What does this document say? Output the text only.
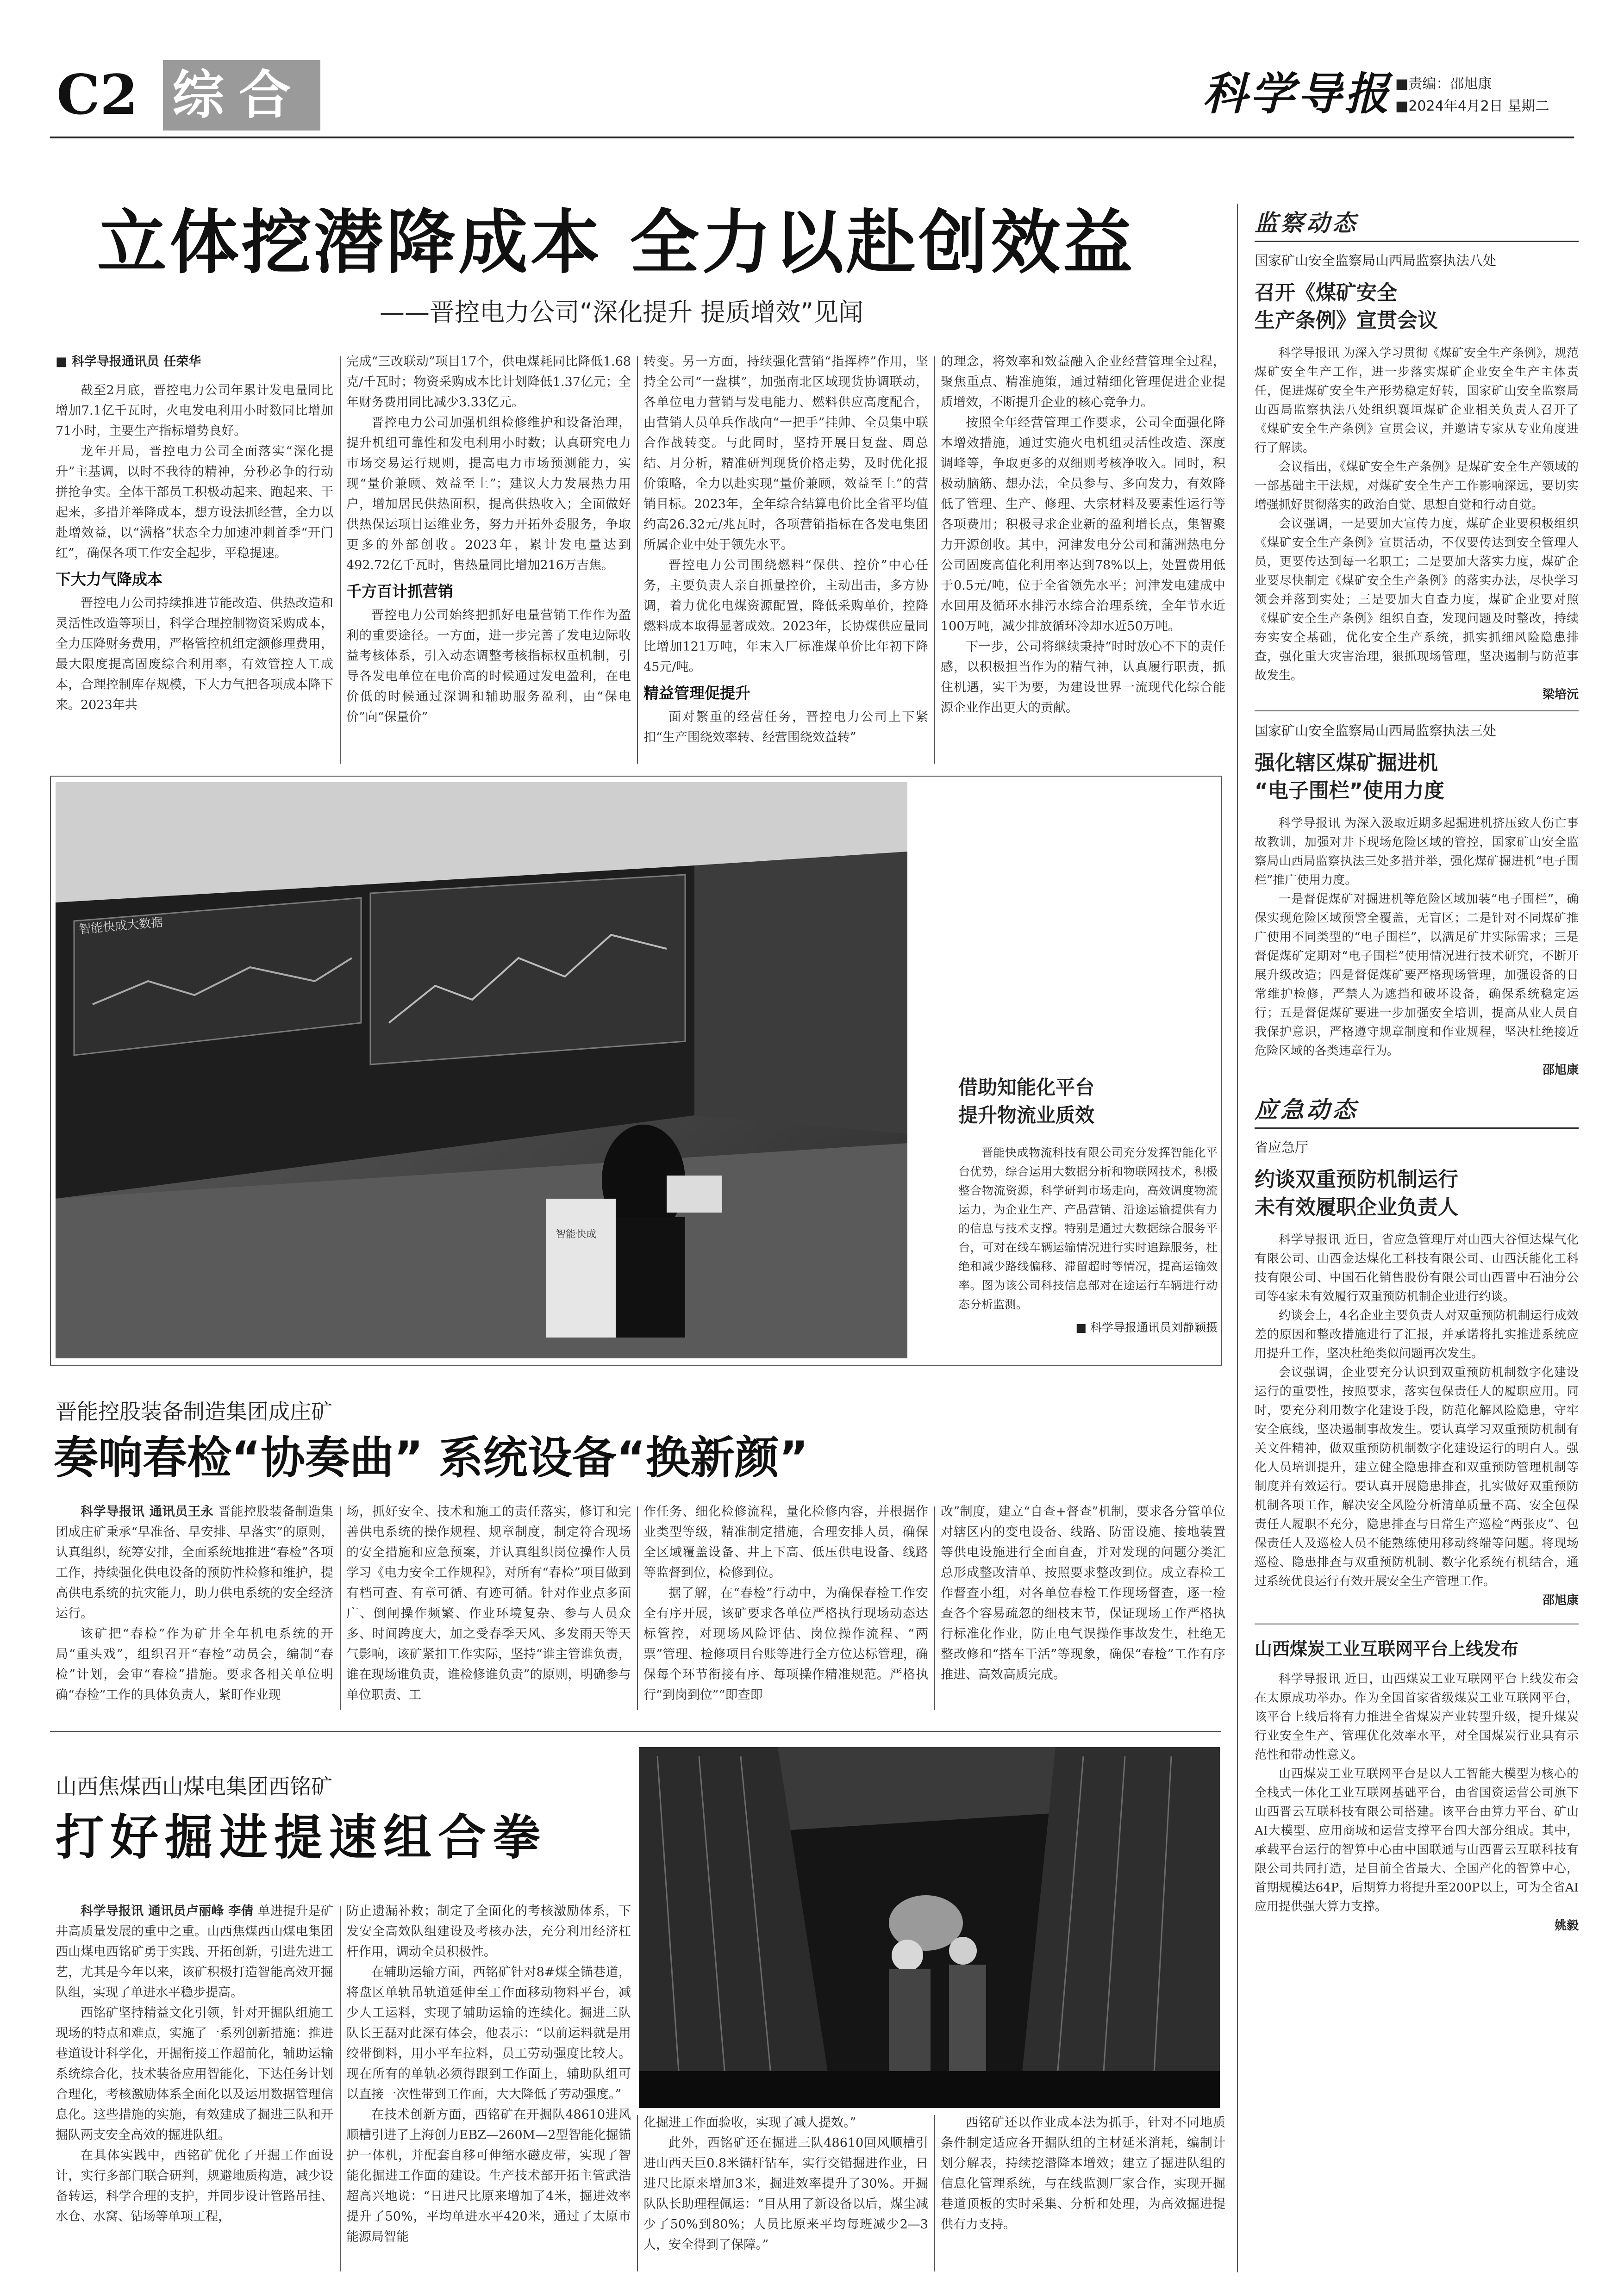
C2 综合	科学导报 ■责编：邵旭康
■2024年4月2日 星期二
立体挖潜降成本 全力以赴创效益
——晋控电力公司“深化提升 提质增效”见闻
■ 科学导报通讯员 任荣华

截至2月底，晋控电力公司年累计发电量同比增加7.1亿千瓦时，火电发电利用小时数同比增加71小时，主要生产指标增势良好。

龙年开局，晋控电力公司全面落实“深化提升”主基调，以时不我待的精神，分秒必争的行动拼抢争实。全体干部员工积极动起来、跑起来、干起来，多措并举降成本，想方设法抓经营，全力以赴增效益，以“满格”状态全力加速冲刺首季“开门红”，确保各项工作安全起步，平稳提速。

下大力气降成本

晋控电力公司持续推进节能改造、供热改造和灵活性改造等项目，科学合理控制物资采购成本，全力压降财务费用，严格管控机组定额修理费用，最大限度提高固废综合利用率，有效管控人工成本，合理控制库存规模，下大力气把各项成本降下来。2023年共

完成“三改联动”项目17个，供电煤耗同比降低1.68克/千瓦时；物资采购成本比计划降低1.37亿元；全年财务费用同比减少3.33亿元。

晋控电力公司加强机组检修维护和设备治理，提升机组可靠性和发电利用小时数；认真研究电力市场交易运行规则，提高电力市场预测能力，实现“量价兼顾、效益至上”；建议大力发展热力用户，增加居民供热面积，提高供热收入；全面做好供热保运项目运维业务，努力开拓外委服务，争取更多的外部创收。2023年，累计发电量达到492.72亿千瓦时，售热量同比增加216万吉焦。

千方百计抓营销

晋控电力公司始终把抓好电量营销工作作为盈利的重要途径。一方面，进一步完善了发电边际收益考核体系，引入动态调整考核指标权重机制，引导各发电单位在电价高的时候通过发电盈利，在电价低的时候通过深调和辅助服务盈利，由“保电价”向“保量价”

转变。另一方面，持续强化营销“指挥棒”作用，坚持全公司“一盘棋”，加强南北区域现货协调联动，各单位电力营销与发电能力、燃料供应高度配合，由营销人员单兵作战向“一把手”挂帅、全员集中联合作战转变。与此同时，坚持开展日复盘、周总结、月分析，精准研判现货价格走势，及时优化报价策略，全力以赴实现“量价兼顾，效益至上”的营销目标。2023年，全年综合结算电价比全省平均值约高26.32元/兆瓦时，各项营销指标在各发电集团所属企业中处于领先水平。

晋控电力公司围绕燃料“保供、控价”中心任务，主要负责人亲自抓量控价，主动出击，多方协调，着力优化电煤资源配置，降低采购单价，控降燃料成本取得显著成效。2023年，长协煤供应量同比增加121万吨，年末入厂标准煤单价比年初下降45元/吨。

精益管理促提升

面对繁重的经营任务，晋控电力公司上下紧扣“生产围绕效率转、经营围绕效益转”

的理念，将效率和效益融入企业经营管理全过程，聚焦重点、精准施策，通过精细化管理促进企业提质增效，不断提升企业的核心竞争力。

按照全年经营管理工作要求，公司全面强化降本增效措施，通过实施火电机组灵活性改造、深度调峰等，争取更多的双细则考核净收入。同时，积极动脑筋、想办法，全员参与、多向发力，有效降低了管理、生产、修理、大宗材料及要素性运行等各项费用；积极寻求企业新的盈利增长点，集智聚力开源创收。其中，河津发电分公司和蒲洲热电分公司固废高值化利用率达到78%以上，处置费用低于0.5元/吨，位于全省领先水平；河津发电建成中水回用及循环水排污水综合治理系统，全年节水近100万吨，减少排放循环冷却水近50万吨。

下一步，公司将继续秉持“时时放心不下的责任感，以积极担当作为的精气神，认真履行职责，抓住机遇，实干为要，为建设世界一流现代化综合能源企业作出更大的贡献。

智能快成大数据
智能快成
借助知能化平台
提升物流业质效

晋能快成物流科技有限公司充分发挥智能化平台优势，综合运用大数据分析和物联网技术，积极整合物流资源，科学研判市场走向，高效调度物流运力，为企业生产、产品营销、沿途运输提供有力的信息与技术支撑。特别是通过大数据综合服务平台，可对在线车辆运输情况进行实时追踪服务，杜绝和减少路线偏移、滞留超时等情况，提高运输效率。图为该公司科技信息部对在途运行车辆进行动态分析监测。

■ 科学导报通讯员刘静颖摄
晋能控股装备制造集团成庄矿
奏响春检“协奏曲” 系统设备“换新颜”

科学导报讯 通讯员王永 晋能控股装备制造集团成庄矿秉承“早准备、早安排、早落实”的原则，认真组织，统筹安排，全面系统地推进“春检”各项工作，持续强化供电设备的预防性检修和维护，提高供电系统的抗灾能力，助力供电系统的安全经济运行。

该矿把“春检”作为矿井全年机电系统的开局“重头戏”，组织召开“春检”动员会，编制“春检”计划，会审“春检”措施。要求各相关单位明确“春检”工作的具体负责人，紧盯作业现

场，抓好安全、技术和施工的责任落实，修订和完善供电系统的操作规程、规章制度，制定符合现场的安全措施和应急预案，并认真组织岗位操作人员学习《电力安全工作规程》，对所有“春检”项目做到有档可查、有章可循、有迹可循。针对作业点多面广、倒闸操作频繁、作业环境复杂、参与人员众多、时间跨度大，加之受春季天风、多发雨天等天气影响，该矿紧扣工作实际，坚持“谁主管谁负责，谁在现场谁负责，谁检修谁负责”的原则，明确参与单位职责、工

作任务、细化检修流程，量化检修内容，并根据作业类型等级，精准制定措施，合理安排人员，确保全区域覆盖设备、井上下高、低压供电设备、线路等监督到位，检修到位。

据了解，在“春检”行动中，为确保春检工作安全有序开展，该矿要求各单位严格执行现场动态达标管控，对现场风险评估、岗位操作流程、“两票”管理、检修项目台账等进行全方位达标管理，确保每个环节衔接有序、每项操作精准规范。严格执行“到岗到位”“即查即

改”制度，建立“自查+督查”机制，要求各分管单位对辖区内的变电设备、线路、防雷设施、接地装置等供电设施进行全面自查，并对发现的问题分类汇总形成整改清单、按照要求整改到位。成立春检工作督查小组，对各单位春检工作现场督查，逐一检查各个容易疏忽的细枝末节，保证现场工作严格执行标准化作业，防止电气误操作事故发生，杜绝无整改修和“搭车干活”等现象，确保“春检”工作有序推进、高效高质完成。

山西焦煤西山煤电集团西铭矿
打好掘进提速组合拳

科学导报讯 通讯员卢丽峰 李倩 单进提升是矿井高质量发展的重中之重。山西焦煤西山煤电集团西山煤电西铭矿勇于实践、开拓创新，引进先进工艺，尤其是今年以来，该矿积极打造智能高效开掘队组，实现了单进水平稳步提高。

西铭矿坚持精益文化引领，针对开掘队组施工现场的特点和难点，实施了一系列创新措施：推进巷道设计科学化，开掘衔接工作超前化，辅助运输系统综合化，技术装备应用智能化，下达任务计划合理化，考核激励体系全面化以及运用数据管理信息化。这些措施的实施，有效建成了掘进三队和开掘队两支安全高效的掘进队组。

在具体实践中，西铭矿优化了开掘工作面设计，实行多部门联合研判，规避地质构造，减少设备转运，科学合理的支护，并同步设计管路吊挂、水仓、水窝、钻场等单项工程，

防止遗漏补救；制定了全面化的考核激励体系，下发安全高效队组建设及考核办法，充分利用经济杠杆作用，调动全员积极性。

在辅助运输方面，西铭矿针对8#煤全锚巷道，将盘区单轨吊轨道延伸至工作面移动物料平台，减少人工运料，实现了辅助运输的连续化。掘进三队队长王磊对此深有体会，他表示：“以前运料就是用绞带倒料，用小平车拉料，员工劳动强度比较大。现在所有的单轨必须得跟到工作面上，辅助队组可以直接一次性带到工作面，大大降低了劳动强度。”

在技术创新方面，西铭矿在开掘队48610进风顺槽引进了上海创力EBZ—260M—2型智能化掘锚护一体机，并配套自移可伸缩水磁皮带，实现了智能化掘进工作面的建设。生产技术部开拓主管武浩超高兴地说：“日进尺比原来增加了4米，掘进效率提升了50%，平均单进水平420米，通过了太原市能源局智能

化掘进工作面验收，实现了减人提效。”

此外，西铭矿还在掘进三队48610回风顺槽引进山西天巨0.8米锚杆钻车，实行交错掘进作业，日进尺比原来增加3米，掘进效率提升了30%。开掘队队长助理程佩运：“目从用了新设备以后，煤尘减少了50%到80%；人员比原来平均每班减少2—3人，安全得到了保障。”

西铭矿还以作业成本法为抓手，针对不同地质条件制定适应各开掘队组的主材延米消耗，编制计划分解表，持续挖潜降本增效；建立了掘进队组的信息化管理系统，与在线监测厂家合作，实现开掘巷道顶板的实时采集、分析和处理，为高效掘进提供有力支持。

监察动态
国家矿山安全监察局山西局监察执法八处
召开《煤矿安全
生产条例》宣贯会议

科学导报讯 为深入学习贯彻《煤矿安全生产条例》，规范煤矿安全生产工作，进一步落实煤矿企业安全生产主体责任，促进煤矿安全生产形势稳定好转，国家矿山安全监察局山西局监察执法八处组织襄垣煤矿企业相关负责人召开了《煤矿安全生产条例》宣贯会议，并邀请专家从专业角度进行了解读。

会议指出，《煤矿安全生产条例》是煤矿安全生产领域的一部基础主干法规，对煤矿安全生产工作影响深远，要切实增强抓好贯彻落实的政治自觉、思想自觉和行动自觉。

会议强调，一是要加大宣传力度，煤矿企业要积极组织《煤矿安全生产条例》宣贯活动，不仅要传达到安全管理人员，更要传达到每一名职工；二是要加大落实力度，煤矿企业要尽快制定《煤矿安全生产条例》的落实办法，尽快学习领会并落到实处；三是要加大自查力度，煤矿企业要对照《煤矿安全生产条例》组织自查，发现问题及时整改，持续夯实安全基础，优化安全生产系统，抓实抓细风险隐患排查，强化重大灾害治理，狠抓现场管理，坚决遏制与防范事故发生。

梁培沅
国家矿山安全监察局山西局监察执法三处
强化辖区煤矿掘进机
“电子围栏”使用力度

科学导报讯 为深入汲取近期多起掘进机挤压致人伤亡事故教训，加强对井下现场危险区域的管控，国家矿山安全监察局山西局监察执法三处多措并举，强化煤矿掘进机“电子围栏”推广使用力度。

一是督促煤矿对掘进机等危险区域加装“电子围栏”，确保实现危险区域预警全覆盖，无盲区；二是针对不同煤矿推广使用不同类型的“电子围栏”，以满足矿井实际需求；三是督促煤矿定期对“电子围栏”使用情况进行技术研究，不断开展升级改造；四是督促煤矿要严格现场管理，加强设备的日常维护检修，严禁人为遮挡和破坏设备，确保系统稳定运行；五是督促煤矿要进一步加强安全培训，提高从业人员自我保护意识，严格遵守规章制度和作业规程，坚决杜绝接近危险区域的各类违章行为。

邵旭康
应急动态
省应急厅
约谈双重预防机制运行
未有效履职企业负责人

科学导报讯 近日，省应急管理厅对山西大谷恒达煤气化有限公司、山西金达煤化工科技有限公司、山西沃能化工科技有限公司、中国石化销售股份有限公司山西晋中石油分公司等4家未有效履行双重预防机制企业进行约谈。

约谈会上，4名企业主要负责人对双重预防机制运行成效差的原因和整改措施进行了汇报，并承诺将扎实推进系统应用提升工作，坚决杜绝类似问题再次发生。

会议强调，企业要充分认识到双重预防机制数字化建设运行的重要性，按照要求，落实包保责任人的履职应用。同时，要充分利用数字化建设手段，防范化解风险隐患，守牢安全底线，坚决遏制事故发生。要认真学习双重预防机制有关文件精神，做双重预防机制数字化建设运行的明白人。强化人员培训提升，建立健全隐患排查和双重预防管理机制等制度并有效运行。要认真开展隐患排查，扎实做好双重预防机制各项工作，解决安全风险分析清单质量不高、安全包保责任人履职不充分，隐患排查与日常生产巡检“两张皮”、包保责任人及巡检人员不能熟练使用移动终端等问题。将现场巡检、隐患排查与双重预防机制、数字化系统有机结合，通过系统优良运行有效开展安全生产管理工作。

邵旭康
山西煤炭工业互联网平台上线发布

科学导报讯 近日，山西煤炭工业互联网平台上线发布会在太原成功举办。作为全国首家省级煤炭工业互联网平台，该平台上线后将有力推进全省煤炭产业转型升级，提升煤炭行业安全生产、管理优化效率水平，对全国煤炭行业具有示范性和带动性意义。

山西煤炭工业互联网平台是以人工智能大模型为核心的全栈式一体化工业互联网基础平台，由省国资运营公司旗下山西晋云互联科技有限公司搭建。该平台由算力平台、矿山AI大模型、应用商城和运营支撑平台四大部分组成。其中，承载平台运行的智算中心由中国联通与山西晋云互联科技有限公司共同打造，是目前全省最大、全国产化的智算中心，首期规模达64P，后期算力将提升至200P以上，可为全省AI应用提供强大算力支撑。

姚毅
